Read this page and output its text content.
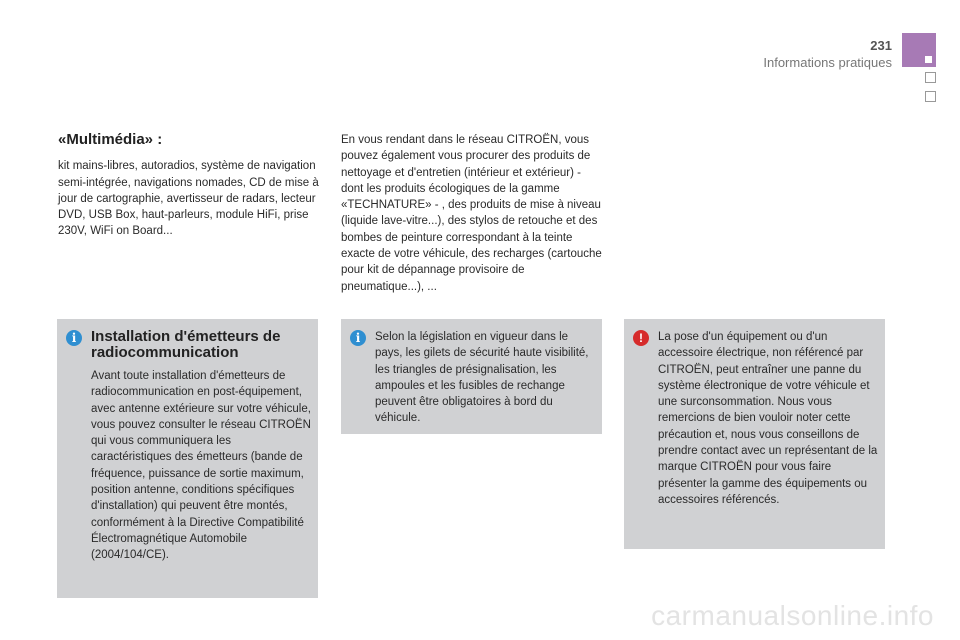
231
Informations pratiques
«Multimédia» :

kit mains-libres, autoradios, système de navigation semi-intégrée, navigations nomades, CD de mise à jour de cartographie, avertisseur de radars, lecteur DVD, USB Box, haut-parleurs, module HiFi, prise 230V, WiFi on Board...

En vous rendant dans le réseau CITROËN, vous pouvez également vous procurer des produits de nettoyage et d'entretien (intérieur et extérieur) - dont les produits écologiques de la gamme «TECHNATURE» - , des produits de mise à niveau (liquide lave-vitre...), des stylos de retouche et des bombes de peinture correspondant à la teinte exacte de votre véhicule, des recharges (cartouche pour kit de dépannage provisoire de pneumatique...), ...

i Installation d'émetteurs de radiocommunication
Avant toute installation d'émetteurs de radiocommunication en post-équipement, avec antenne extérieure sur votre véhicule, vous pouvez consulter le réseau CITROËN qui vous communiquera les caractéristiques des émetteurs (bande de fréquence, puissance de sortie maximum, position antenne, conditions spécifiques d'installation) qui peuvent être montés, conformément à la Directive Compatibilité Électromagnétique Automobile (2004/104/CE).
i	Selon la législation en vigueur dans le pays, les gilets de sécurité haute visibilité, les triangles de présignalisation, les ampoules et les fusibles de rechange peuvent être obligatoires à bord du véhicule.
!	La pose d'un équipement ou d'un accessoire électrique, non référencé par CITROËN, peut entraîner une panne du système électronique de votre véhicule et une surconsommation. Nous vous remercions de bien vouloir noter cette précaution et, nous vous conseillons de prendre contact avec un représentant de la marque CITROËN pour vous faire présenter la gamme des équipements ou accessoires référencés.
carmanualsonline.info
